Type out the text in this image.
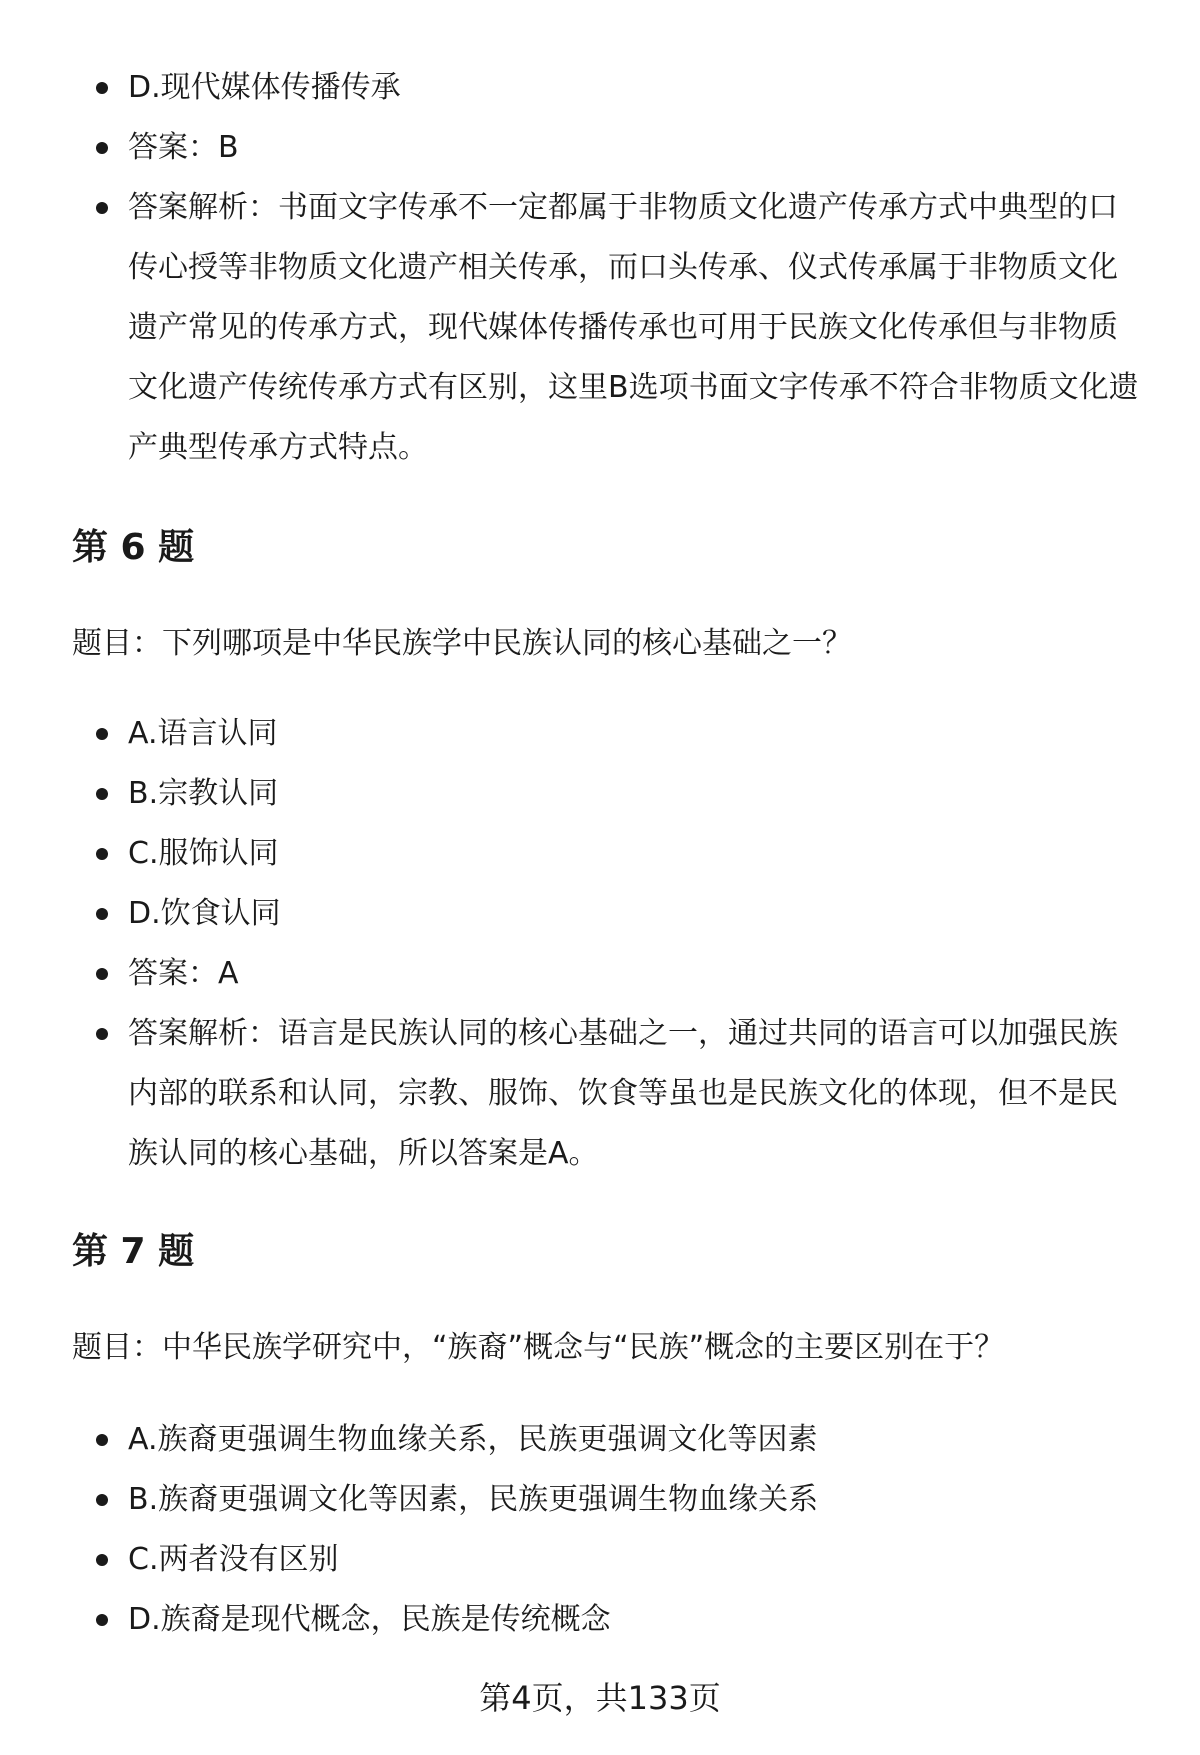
D.现代媒体传播传承
答案：B
答案解析：书面文字传承不一定都属于非物质文化遗产传承方式中典型的口传心授等非物质文化遗产相关传承，而口头传承、仪式传承属于非物质文化遗产常见的传承方式，现代媒体传播传承也可用于民族文化传承但与非物质文化遗产传统传承方式有区别，这里B选项书面文字传承不符合非物质文化遗产典型传承方式特点。
第 6 题

题目：下列哪项是中华民族学中民族认同的核心基础之一？

A.语言认同
B.宗教认同
C.服饰认同
D.饮食认同
答案：A
答案解析：语言是民族认同的核心基础之一，通过共同的语言可以加强民族内部的联系和认同，宗教、服饰、饮食等虽也是民族文化的体现，但不是民族认同的核心基础，所以答案是A。
第 7 题

题目：中华民族学研究中，“族裔”概念与“民族”概念的主要区别在于？

A.族裔更强调生物血缘关系，民族更强调文化等因素
B.族裔更强调文化等因素，民族更强调生物血缘关系
C.两者没有区别
D.族裔是现代概念，民族是传统概念
第4页，共133页
